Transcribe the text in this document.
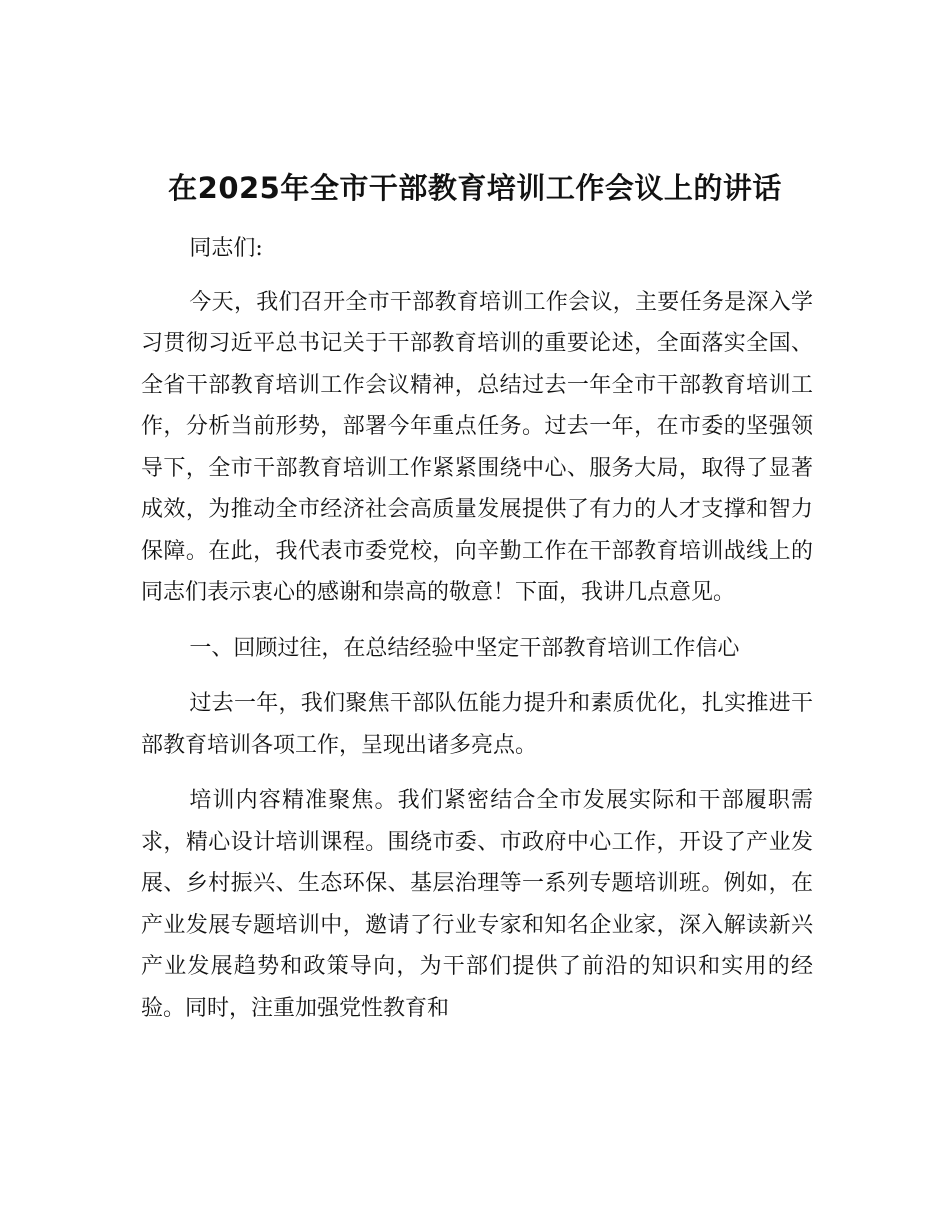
在2025年全市干部教育培训工作会议上的讲话

同志们:

今天，我们召开全市干部教育培训工作会议，主要任务是深入学习贯彻习近平总书记关于干部教育培训的重要论述，全面落实全国、全省干部教育培训工作会议精神，总结过去一年全市干部教育培训工作，分析当前形势，部署今年重点任务。过去一年，在市委的坚强领导下，全市干部教育培训工作紧紧围绕中心、服务大局，取得了显著成效，为推动全市经济社会高质量发展提供了有力的人才支撑和智力保障。在此，我代表市委党校，向辛勤工作在干部教育培训战线上的同志们表示衷心的感谢和崇高的敬意！下面，我讲几点意见。

一、回顾过往，在总结经验中坚定干部教育培训工作信心

过去一年，我们聚焦干部队伍能力提升和素质优化，扎实推进干部教育培训各项工作，呈现出诸多亮点。

培训内容精准聚焦。我们紧密结合全市发展实际和干部履职需求，精心设计培训课程。围绕市委、市政府中心工作，开设了产业发展、乡村振兴、生态环保、基层治理等一系列专题培训班。例如，在产业发展专题培训中，邀请了行业专家和知名企业家，深入解读新兴产业发展趋势和政策导向，为干部们提供了前沿的知识和实用的经验。同时，注重加强党性教育和
